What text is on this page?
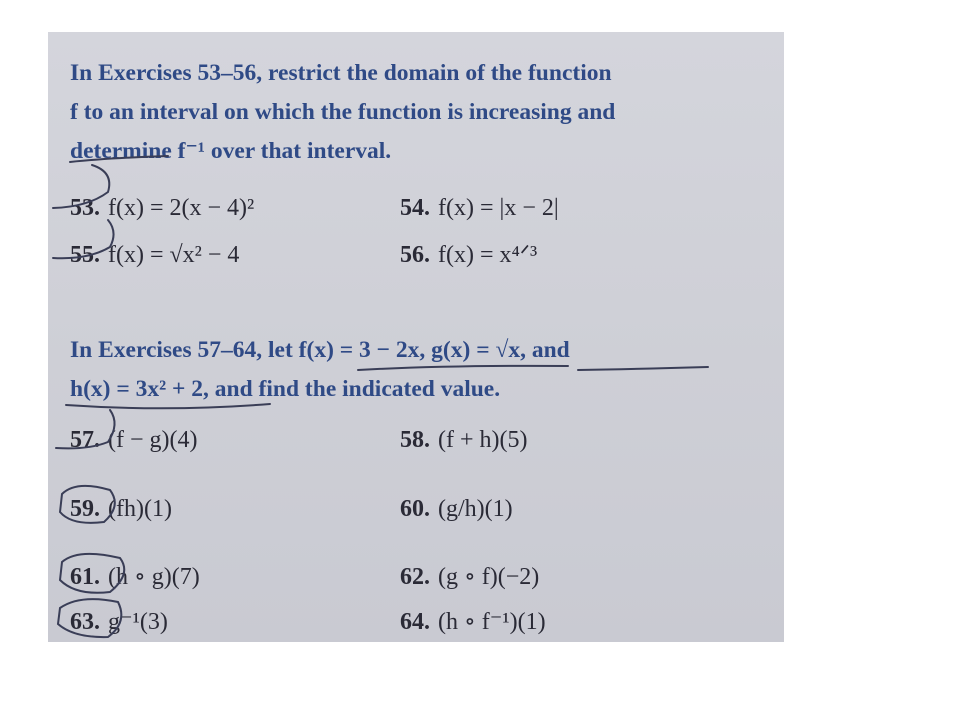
In Exercises 53–56, restrict the domain of the function
f to an interval on which the function is increasing and
determine f⁻¹ over that interval.
53. f(x) = 2(x − 4)²	54. f(x) = |x − 2|
55. f(x) = √x² − 4	56. f(x) = x⁴ᐟ³
In Exercises 57–64, let f(x) = 3 − 2x, g(x) = √x, and
h(x) = 3x² + 2, and find the indicated value.
57. (f − g)(4)	58. (f + h)(5)
59. (fh)(1)	60. (g/h)(1)
61. (h ∘ g)(7)	62. (g ∘ f)(−2)
63. g⁻¹(3)	64. (h ∘ f⁻¹)(1)
